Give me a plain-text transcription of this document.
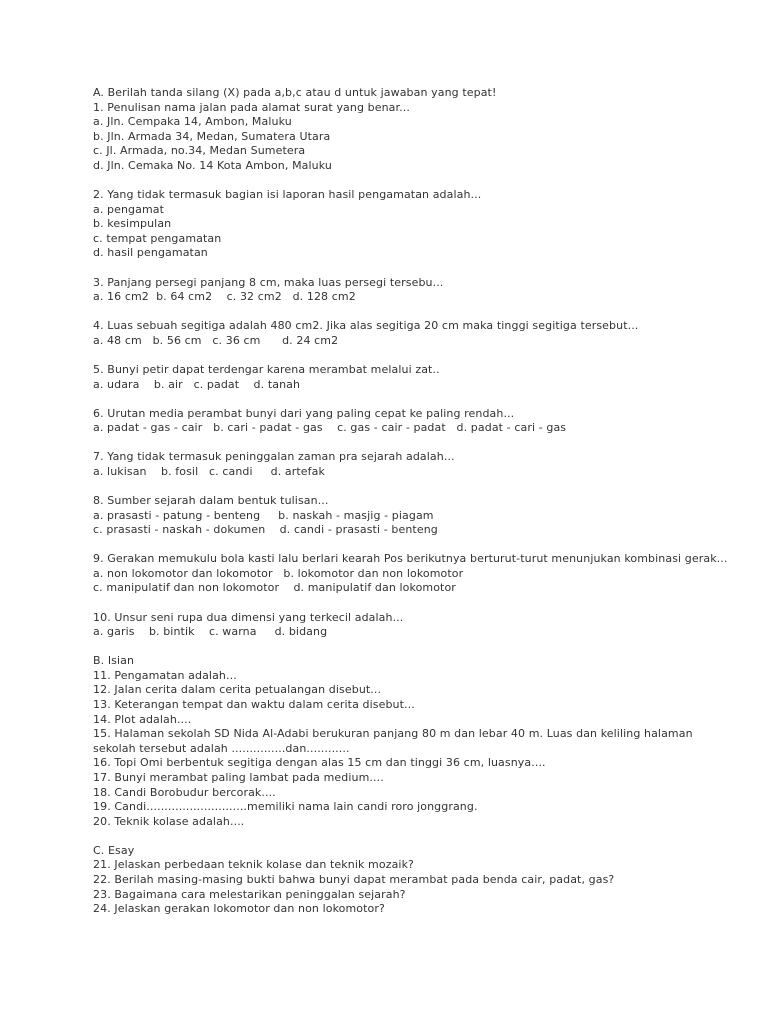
A. Berilah tanda silang (X) pada a,b,c atau d untuk jawaban yang tepat!
1. Penulisan nama jalan pada alamat surat yang benar...
a. Jln. Cempaka 14, Ambon, Maluku
b. Jln. Armada 34, Medan, Sumatera Utara
c. Jl. Armada, no.34, Medan Sumetera
d. Jln. Cemaka No. 14 Kota Ambon, Maluku
2. Yang tidak termasuk bagian isi laporan hasil pengamatan adalah...
a. pengamat
b. kesimpulan
c. tempat pengamatan
d. hasil pengamatan
3. Panjang persegi panjang 8 cm, maka luas persegi tersebu...
a. 16 cm2  b. 64 cm2    c. 32 cm2   d. 128 cm2
4. Luas sebuah segitiga adalah 480 cm2. Jika alas segitiga 20 cm maka tinggi segitiga tersebut...
a. 48 cm   b. 56 cm   c. 36 cm      d. 24 cm2
5. Bunyi petir dapat terdengar karena merambat melalui zat..
a. udara    b. air   c. padat    d. tanah
6. Urutan media perambat bunyi dari yang paling cepat ke paling rendah...
a. padat - gas - cair   b. cari - padat - gas    c. gas - cair - padat   d. padat - cari - gas
7. Yang tidak termasuk peninggalan zaman pra sejarah adalah...
a. lukisan    b. fosil   c. candi     d. artefak
8. Sumber sejarah dalam bentuk tulisan...
a. prasasti - patung - benteng     b. naskah - masjig - piagam
c. prasasti - naskah - dokumen    d. candi - prasasti - benteng
9. Gerakan memukulu bola kasti lalu berlari kearah Pos berikutnya berturut-turut menunjukan kombinasi gerak...
a. non lokomotor dan lokomotor   b. lokomotor dan non lokomotor
c. manipulatif dan non lokomotor    d. manipulatif dan lokomotor
10. Unsur seni rupa dua dimensi yang terkecil adalah...
a. garis    b. bintik    c. warna     d. bidang
B. Isian
11. Pengamatan adalah...
12. Jalan cerita dalam cerita petualangan disebut...
13. Keterangan tempat dan waktu dalam cerita disebut...
14. Plot adalah....
15. Halaman sekolah SD Nida Al-Adabi berukuran panjang 80 m dan lebar 40 m. Luas dan keliling halaman sekolah tersebut adalah ...............dan............
16. Topi Omi berbentuk segitiga dengan alas 15 cm dan tinggi 36 cm, luasnya....
17. Bunyi merambat paling lambat pada medium....
18. Candi Borobudur bercorak....
19. Candi............................memiliki nama lain candi roro jonggrang.
20. Teknik kolase adalah....
C. Esay
21. Jelaskan perbedaan teknik kolase dan teknik mozaik?
22. Berilah masing-masing bukti bahwa bunyi dapat merambat pada benda cair, padat, gas?
23. Bagaimana cara melestarikan peninggalan sejarah?
24. Jelaskan gerakan lokomotor dan non lokomotor?
